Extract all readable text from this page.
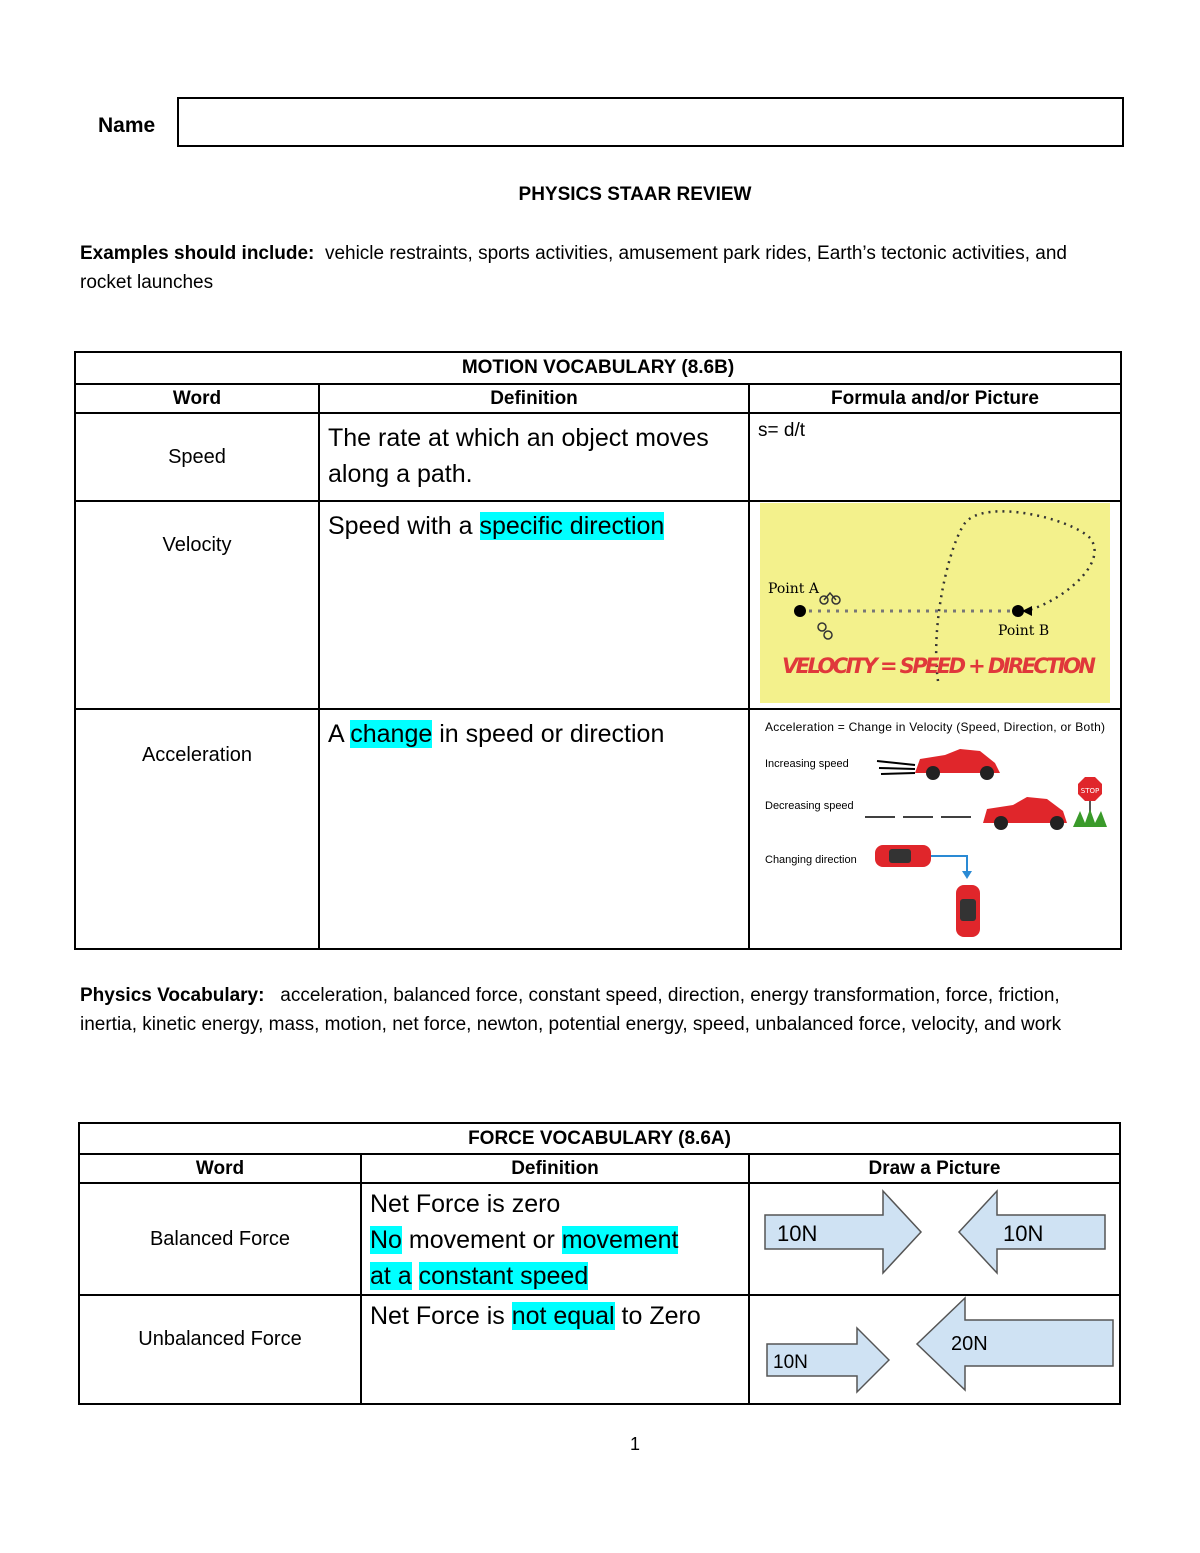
Name
PHYSICS STAAR REVIEW
Examples should include: vehicle restraints, sports activities, amusement park rides, Earth’s tectonic activities, and rocket launches
MOTION VOCABULARY (8.6B)		
Word	Definition	Formula and/or Picture
Speed	The rate at which an object moves along a path.	s= d/t
Velocity	Speed with a specific direction	Point A
Point B
VELOCITY = SPEED + DIRECTION

Acceleration	A change in speed or direction	Acceleration = Change in Velocity (Speed, Direction, or Both)
Increasing speed
Decreasing speed
STOP
Changing direction
Physics Vocabulary: acceleration, balanced force, constant speed, direction, energy transformation, force, friction, inertia, kinetic energy, mass, motion, net force, newton, potential energy, speed, unbalanced force, velocity, and work
FORCE VOCABULARY (8.6A)		
Word	Definition	Draw a Picture
Balanced Force	Net Force is zero
No movement or movement
at a constant speed	10N 10N

Unbalanced Force	Net Force is not equal to Zero	10N
20N
1
